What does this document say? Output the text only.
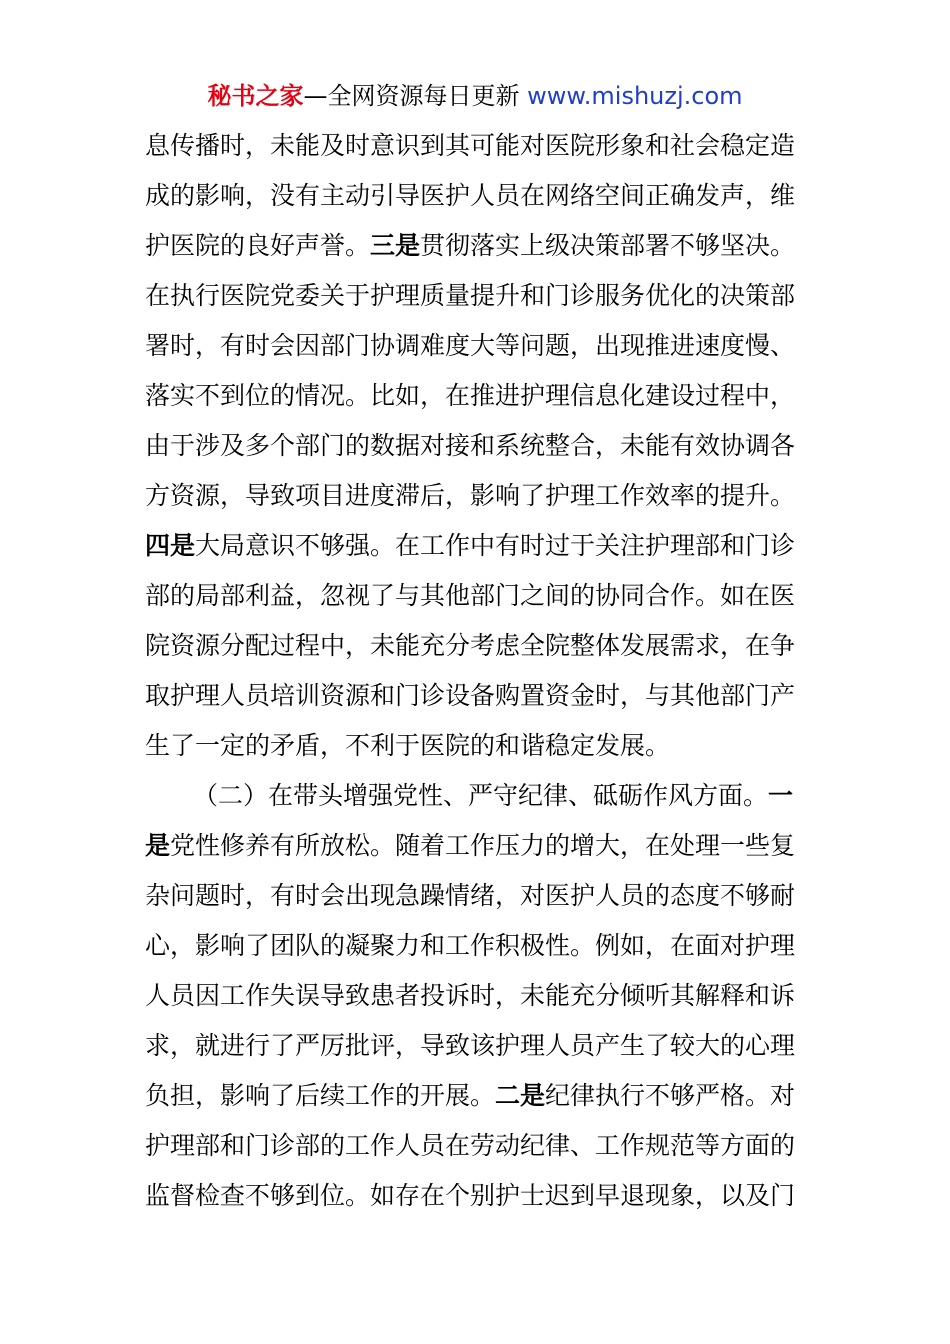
秘书之家—全网资源每日更新 www.mishuzj.com
息传播时，未能及时意识到其可能对医院形象和社会稳定造
成的影响，没有主动引导医护人员在网络空间正确发声，维
护医院的良好声誉。三是贯彻落实上级决策部署不够坚决。
在执行医院党委关于护理质量提升和门诊服务优化的决策部
署时，有时会因部门协调难度大等问题，出现推进速度慢、
落实不到位的情况。比如，在推进护理信息化建设过程中，
由于涉及多个部门的数据对接和系统整合，未能有效协调各
方资源，导致项目进度滞后，影响了护理工作效率的提升。
四是大局意识不够强。在工作中有时过于关注护理部和门诊
部的局部利益，忽视了与其他部门之间的协同合作。如在医
院资源分配过程中，未能充分考虑全院整体发展需求，在争
取护理人员培训资源和门诊设备购置资金时，与其他部门产
生了一定的矛盾，不利于医院的和谐稳定发展。
（二）在带头增强党性、严守纪律、砥砺作风方面。一
是党性修养有所放松。随着工作压力的增大，在处理一些复
杂问题时，有时会出现急躁情绪，对医护人员的态度不够耐
心，影响了团队的凝聚力和工作积极性。例如，在面对护理
人员因工作失误导致患者投诉时，未能充分倾听其解释和诉
求，就进行了严厉批评，导致该护理人员产生了较大的心理
负担，影响了后续工作的开展。二是纪律执行不够严格。对
护理部和门诊部的工作人员在劳动纪律、工作规范等方面的
监督检查不够到位。如存在个别护士迟到早退现象，以及门
